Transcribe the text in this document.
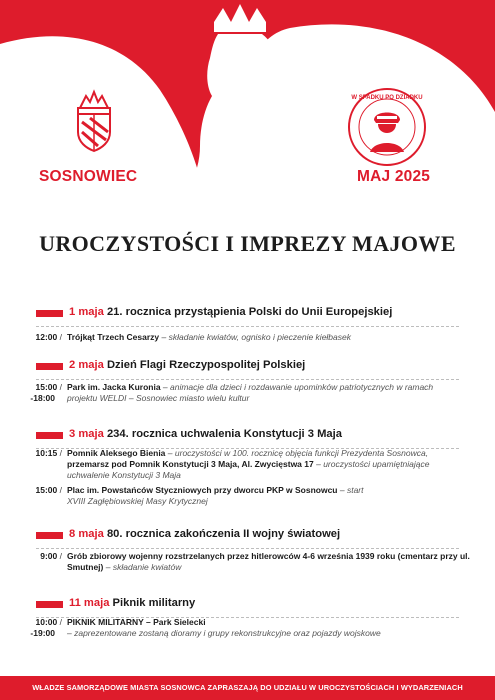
W SPADKU PO DZIADKU
SOSNOWIEC	MAJ 2025
UROCZYSTOŚCI I IMPREZY MAJOWE
1 maja 21. rocznica przystąpienia Polski do Unii Europejskiej
12:00 / Trójkąt Trzech Cesarzy – składanie kwiatów, ognisko i pieczenie kiełbasek
2 maja Dzień Flagi Rzeczypospolitej Polskiej
15:00 /
-18:00
Park im. Jacka Kuronia – animacje dla dzieci i rozdawanie upominków patriotycznych w ramach projektu WELDI – Sosnowiec miasto wielu kultur
3 maja 234. rocznica uchwalenia Konstytucji 3 Maja
10:15 / Pomnik Aleksego Bienia – uroczystości w 100. rocznicę objęcia funkcji Prezydenta Sosnowca, przemarsz pod Pomnik Konstytucji 3 Maja, Al. Zwycięstwa 17 – uroczystości upamiętniające uchwalenie Konstytucji 3 Maja
15:00 / Plac im. Powstańców Styczniowych przy dworcu PKP w Sosnowcu – start XVIII Zagłębiowskiej Masy Krytycznej
8 maja 80. rocznica zakończenia II wojny światowej
9:00 / Grób zbiorowy wojenny rozstrzelanych przez hitlerowców 4-6 września 1939 roku (cmentarz przy ul. Smutnej) – składanie kwiatów
11 maja Piknik militarny
10:00 /
-19:00
PIKNIK MILITARNY – Park Sielecki
– zaprezentowane zostaną dioramy i grupy rekonstrukcyjne oraz pojazdy wojskowe
WŁADZE SAMORZĄDOWE MIASTA SOSNOWCA ZAPRASZAJĄ DO UDZIAŁU W UROCZYSTOŚCIACH I WYDARZENIACH
